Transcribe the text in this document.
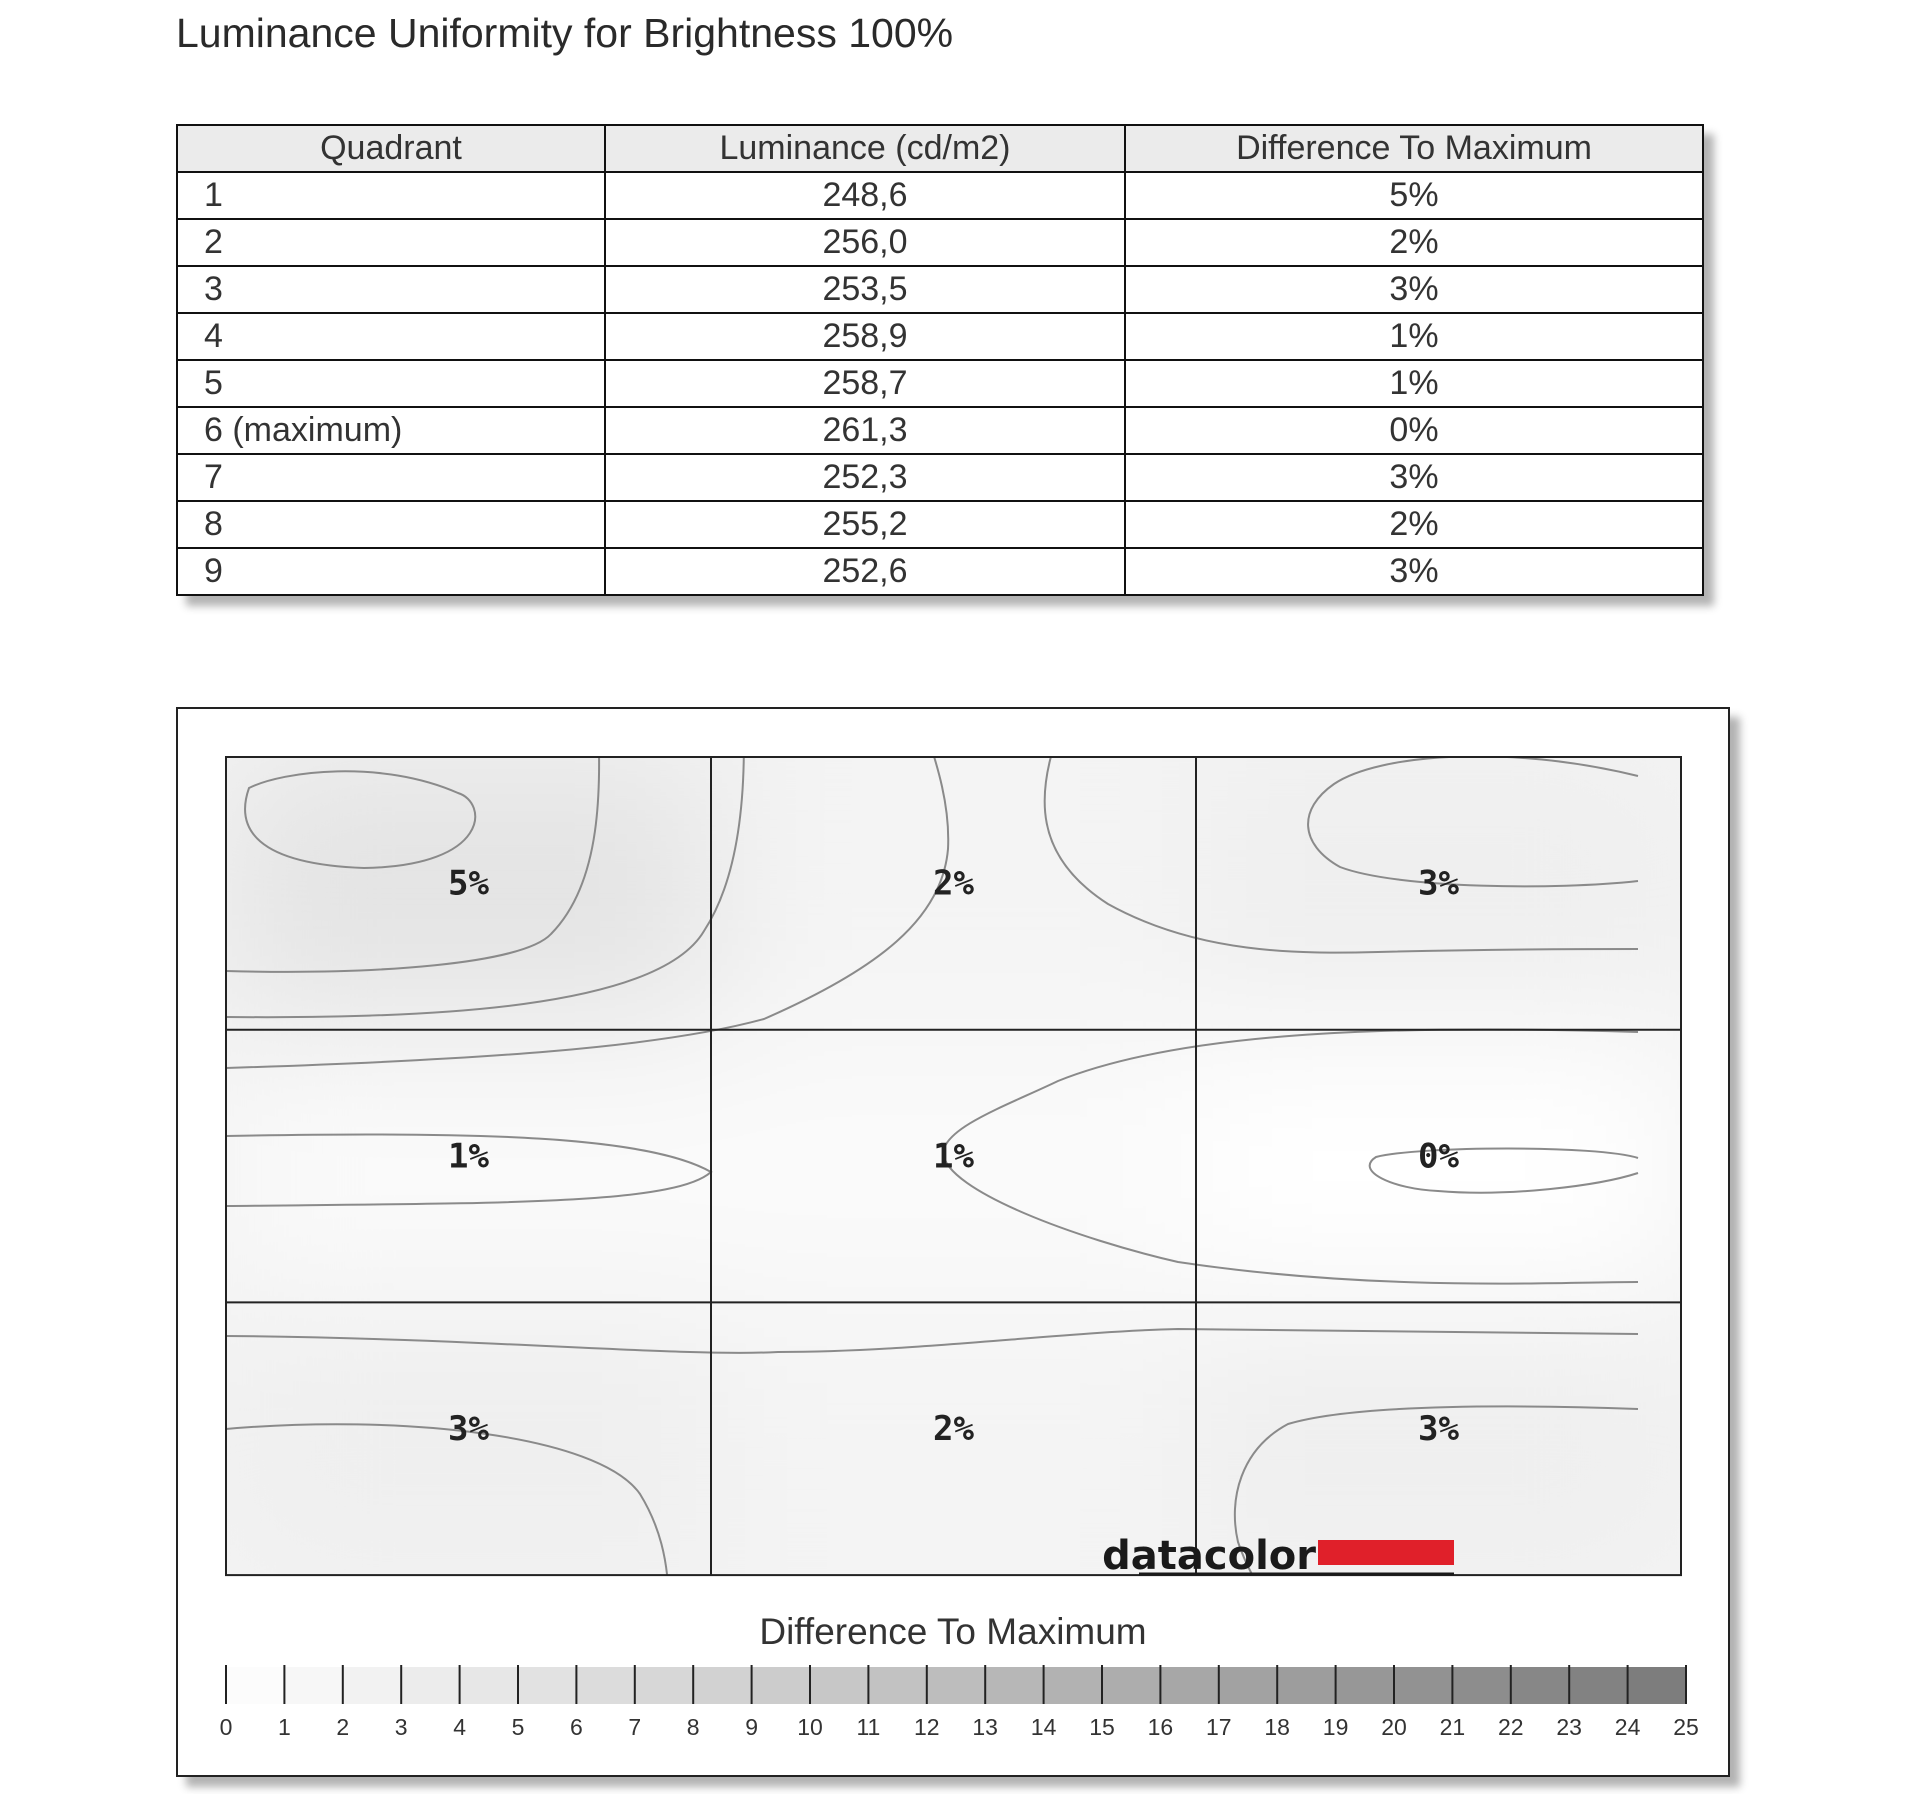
Luminance Uniformity for Brightness 100%
Quadrant	Luminance (cd/m2)	Difference To Maximum
1	248,6	5%
2	256,0	2%
3	253,5	3%
4	258,9	1%
5	258,7	1%
6 (maximum)	261,3	0%
7	252,3	3%
8	255,2	2%
9	252,6	3%
5%	2%	3%
1%	1%	0%
3%	2%	3%
datacolor
Difference To Maximum
0 1 2 3 4 5 6 7 8 9 10 11 12 13 14 15 16 17 18 19 20 21 22 23 24 25
